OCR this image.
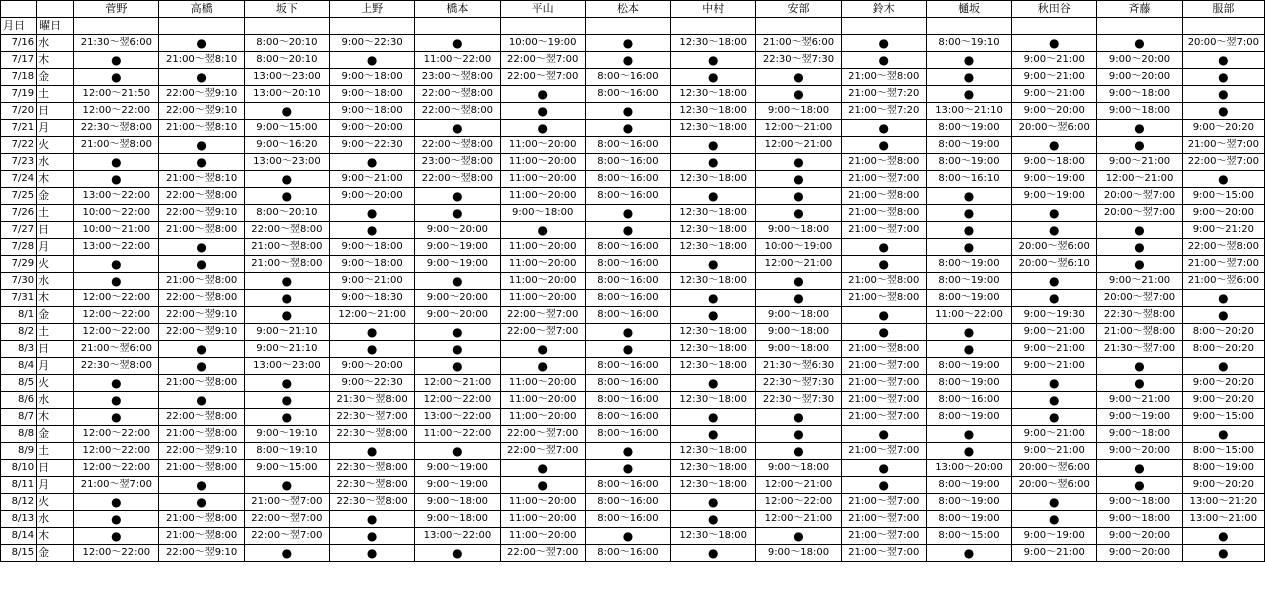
		菅野	高橋	坂下	上野	橋本	平山	松本	中村	安部	鈴木	樋坂	秋田谷	斉藤	服部
月日	曜日														
7/16	水	21:30～翌6:00	●	8:00～20:10	9:00～22:30	●	10:00～19:00	●	12:30～18:00	21:00～翌6:00	●	8:00～19:10	●	●	20:00～翌7:00
7/17	木	●	21:00～翌8:10	8:00～20:10	●	11:00～22:00	22:00～翌7:00	●	●	22:30～翌7:30	●	●	9:00～21:00	9:00～20:00	●
7/18	金	●	●	13:00～23:00	9:00～18:00	23:00～翌8:00	22:00～翌7:00	8:00～16:00	●	●	21:00～翌8:00	●	9:00～21:00	9:00～20:00	●
7/19	土	12:00～21:50	22:00～翌9:10	13:00～20:10	9:00～18:00	22:00～翌8:00	●	8:00～16:00	12:30～18:00	●	21:00～翌7:20	●	9:00～21:00	9:00～18:00	●
7/20	日	12:00～22:00	22:00～翌9:10	●	9:00～18:00	22:00～翌8:00	●	●	12:30～18:00	9:00～18:00	21:00～翌7:20	13:00～21:10	9:00～20:00	9:00～18:00	●
7/21	月	22:30～翌8:00	21:00～翌8:10	9:00～15:00	9:00～20:00	●	●	●	12:30～18:00	12:00～21:00	●	8:00～19:00	20:00～翌6:00	●	9:00～20:20
7/22	火	21:00～翌8:00	●	9:00～16:20	9:00～22:30	22:00～翌8:00	11:00～20:00	8:00～16:00	●	12:00～21:00	●	8:00～19:00	●	●	21:00～翌7:00
7/23	水	●	●	13:00～23:00	●	23:00～翌8:00	11:00～20:00	8:00～16:00	●	●	21:00～翌8:00	8:00～19:00	9:00～18:00	9:00～21:00	22:00～翌7:00
7/24	木	●	21:00～翌8:10	●	9:00～21:00	22:00～翌8:00	11:00～20:00	8:00～16:00	12:30～18:00	●	21:00～翌7:00	8:00～16:10	9:00～19:00	12:00～21:00	●
7/25	金	13:00～22:00	22:00～翌8:00	●	9:00～20:00	●	11:00～20:00	8:00～16:00	●	●	21:00～翌8:00	●	9:00～19:00	20:00～翌7:00	9:00～15:00
7/26	土	10:00～22:00	22:00～翌9:10	8:00～20:10	●	●	9:00～18:00	●	12:30～18:00	●	21:00～翌8:00	●	●	20:00～翌7:00	9:00～20:00
7/27	日	10:00～21:00	21:00～翌8:00	22:00～翌8:00	●	9:00～20:00	●	●	12:30～18:00	9:00～18:00	21:00～翌7:00	●	●	●	9:00～21:20
7/28	月	13:00～22:00	●	21:00～翌8:00	9:00～18:00	9:00～19:00	11:00～20:00	8:00～16:00	12:30～18:00	10:00～19:00	●	●	20:00～翌6:00	●	22:00～翌8:00
7/29	火	●	●	21:00～翌8:00	9:00～18:00	9:00～19:00	11:00～20:00	8:00～16:00	●	12:00～21:00	●	8:00～19:00	20:00～翌6:10	●	21:00～翌7:00
7/30	水	●	21:00～翌8:00	●	9:00～21:00	●	11:00～20:00	8:00～16:00	12:30～18:00	●	21:00～翌8:00	8:00～19:00	●	9:00～21:00	21:00～翌6:00
7/31	木	12:00～22:00	22:00～翌8:00	●	9:00～18:30	9:00～20:00	11:00～20:00	8:00～16:00	●	●	21:00～翌8:00	8:00～19:00	●	20:00～翌7:00	●
8/1	金	12:00～22:00	22:00～翌9:10	●	12:00～21:00	9:00～20:00	22:00～翌7:00	8:00～16:00	●	9:00～18:00	●	11:00～22:00	9:00～19:30	22:30～翌8:00	●
8/2	土	12:00～22:00	22:00～翌9:10	9:00～21:10	●	●	22:00～翌7:00	●	12:30～18:00	9:00～18:00	●	●	9:00～21:00	21:00～翌8:00	8:00～20:20
8/3	日	21:00～翌6:00	●	9:00～21:10	●	●	●	●	12:30～18:00	9:00～18:00	21:00～翌8:00	●	9:00～21:00	21:30～翌7:00	8:00～20:20
8/4	月	22:30～翌8:00	●	13:00～23:00	9:00～20:00	●	●	8:00～16:00	12:30～18:00	21:30～翌6:30	21:00～翌7:00	8:00～19:00	9:00～21:00	●	●
8/5	火	●	21:00～翌8:00	●	9:00～22:30	12:00～21:00	11:00～20:00	8:00～16:00	●	22:30～翌7:30	21:00～翌7:00	8:00～19:00	●	●	9:00～20:20
8/6	水	●	●	●	21:30～翌8:00	12:00～22:00	11:00～20:00	8:00～16:00	12:30～18:00	22:30～翌7:30	21:00～翌7:00	8:00～16:00	●	9:00～21:00	9:00～20:20
8/7	木	●	22:00～翌8:00	●	22:30～翌7:00	13:00～22:00	11:00～20:00	8:00～16:00	●	●	21:00～翌7:00	8:00～19:00	●	9:00～19:00	9:00～15:00
8/8	金	12:00～22:00	21:00～翌8:00	9:00～19:10	22:30～翌8:00	11:00～22:00	22:00～翌7:00	8:00～16:00	●	●	●	●	9:00～21:00	9:00～18:00	●
8/9	土	12:00～22:00	22:00～翌9:10	8:00～19:10	●	●	22:00～翌7:00	●	12:30～18:00	●	21:00～翌7:00	●	9:00～21:00	9:00～20:00	8:00～15:00
8/10	日	12:00～22:00	21:00～翌8:00	9:00～15:00	22:30～翌8:00	9:00～19:00	●	●	12:30～18:00	9:00～18:00	●	13:00～20:00	20:00～翌6:00	●	8:00～19:00
8/11	月	21:00～翌7:00	●	●	22:30～翌8:00	9:00～19:00	●	8:00～16:00	12:30～18:00	12:00～21:00	●	8:00～19:00	20:00～翌6:00	●	9:00～20:20
8/12	火	●	●	21:00～翌7:00	22:30～翌8:00	9:00～18:00	11:00～20:00	8:00～16:00	●	12:00～22:00	21:00～翌7:00	8:00～19:00	●	9:00～18:00	13:00～21:20
8/13	水	●	21:00～翌8:00	22:00～翌7:00	●	9:00～18:00	11:00～20:00	8:00～16:00	●	12:00～21:00	21:00～翌7:00	8:00～19:00	●	9:00～18:00	13:00～21:00
8/14	木	●	21:00～翌8:00	22:00～翌7:00	●	13:00～22:00	11:00～20:00	●	12:30～18:00	●	21:00～翌7:00	8:00～15:00	9:00～19:00	9:00～20:00	●
8/15	金	12:00～22:00	22:00～翌9:10	●	●	●	22:00～翌7:00	8:00～16:00	●	9:00～18:00	21:00～翌7:00	●	9:00～21:00	9:00～20:00	●
